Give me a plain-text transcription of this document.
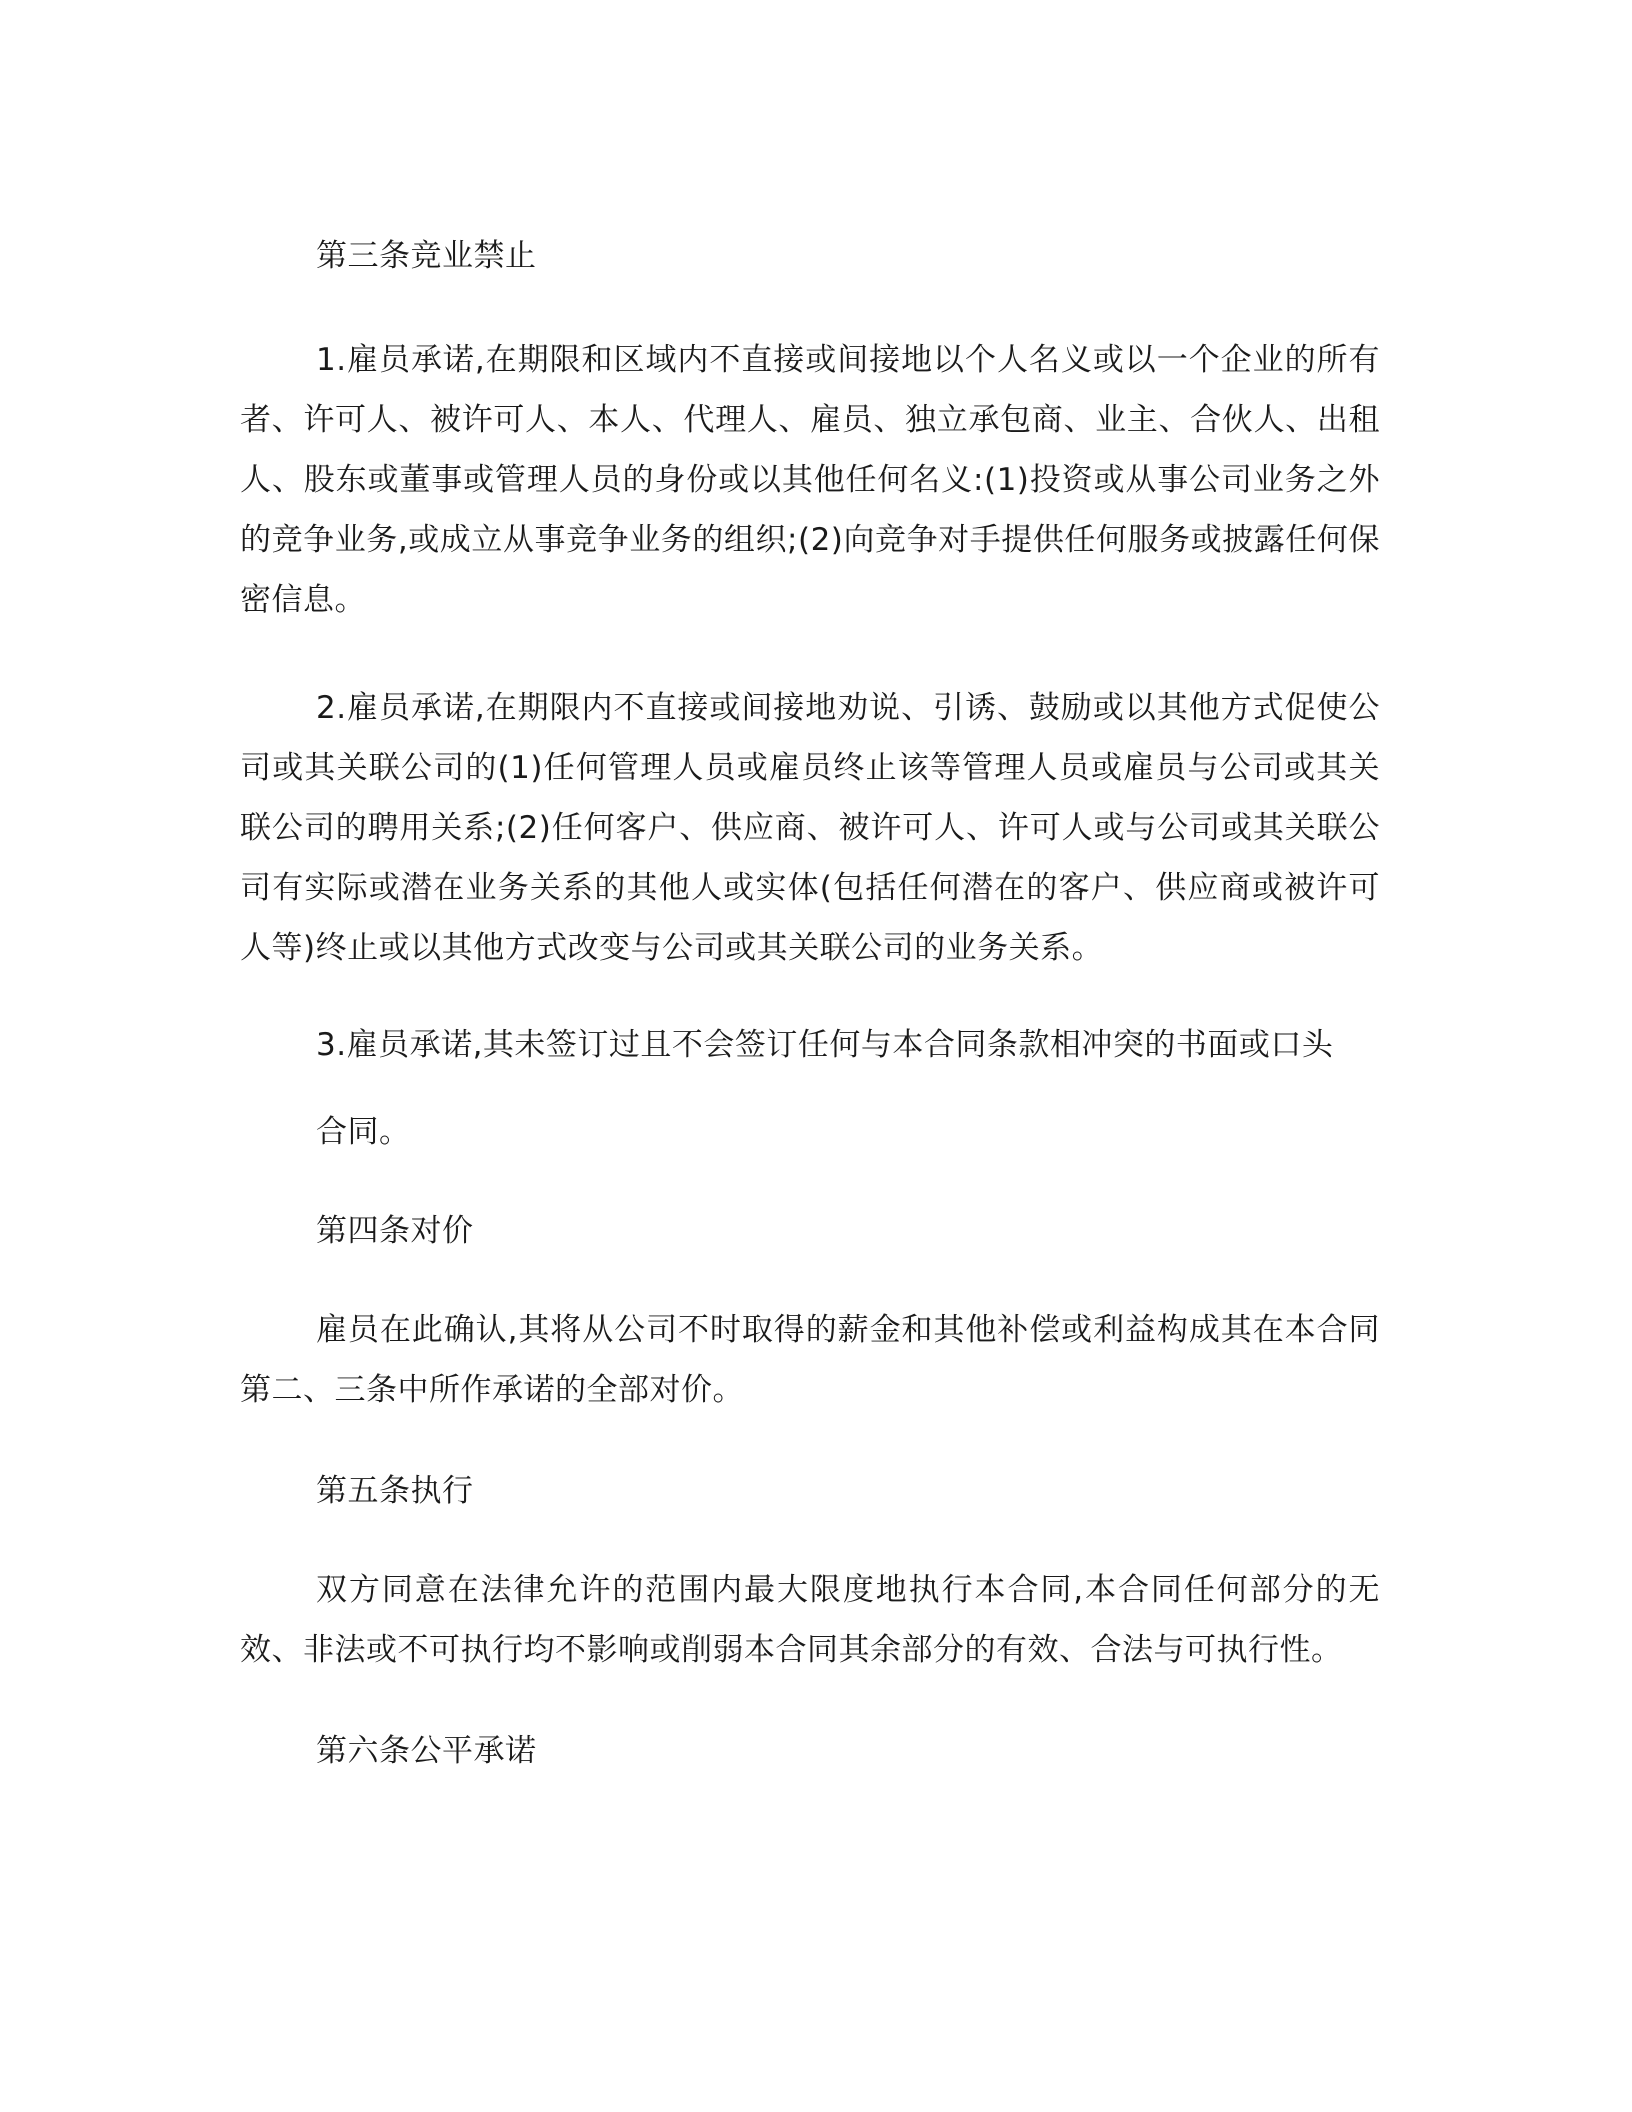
第三条竞业禁止
1.雇员承诺,在期限和区域内不直接或间接地以个人名义或以一个企业的所有者、许可人、被许可人、本人、代理人、雇员、独立承包商、业主、合伙人、出租人、股东或董事或管理人员的身份或以其他任何名义:(1)投资或从事公司业务之外的竞争业务,或成立从事竞争业务的组织;(2)向竞争对手提供任何服务或披露任何保密信息。
2.雇员承诺,在期限内不直接或间接地劝说、引诱、鼓励或以其他方式促使公司或其关联公司的(1)任何管理人员或雇员终止该等管理人员或雇员与公司或其关联公司的聘用关系;(2)任何客户、供应商、被许可人、许可人或与公司或其关联公司有实际或潜在业务关系的其他人或实体(包括任何潜在的客户、供应商或被许可人等)终止或以其他方式改变与公司或其关联公司的业务关系。
3.雇员承诺,其未签订过且不会签订任何与本合同条款相冲突的书面或口头
合同。
第四条对价
雇员在此确认,其将从公司不时取得的薪金和其他补偿或利益构成其在本合同第二、三条中所作承诺的全部对价。
第五条执行
双方同意在法律允许的范围内最大限度地执行本合同,本合同任何部分的无效、非法或不可执行均不影响或削弱本合同其余部分的有效、合法与可执行性。
第六条公平承诺
